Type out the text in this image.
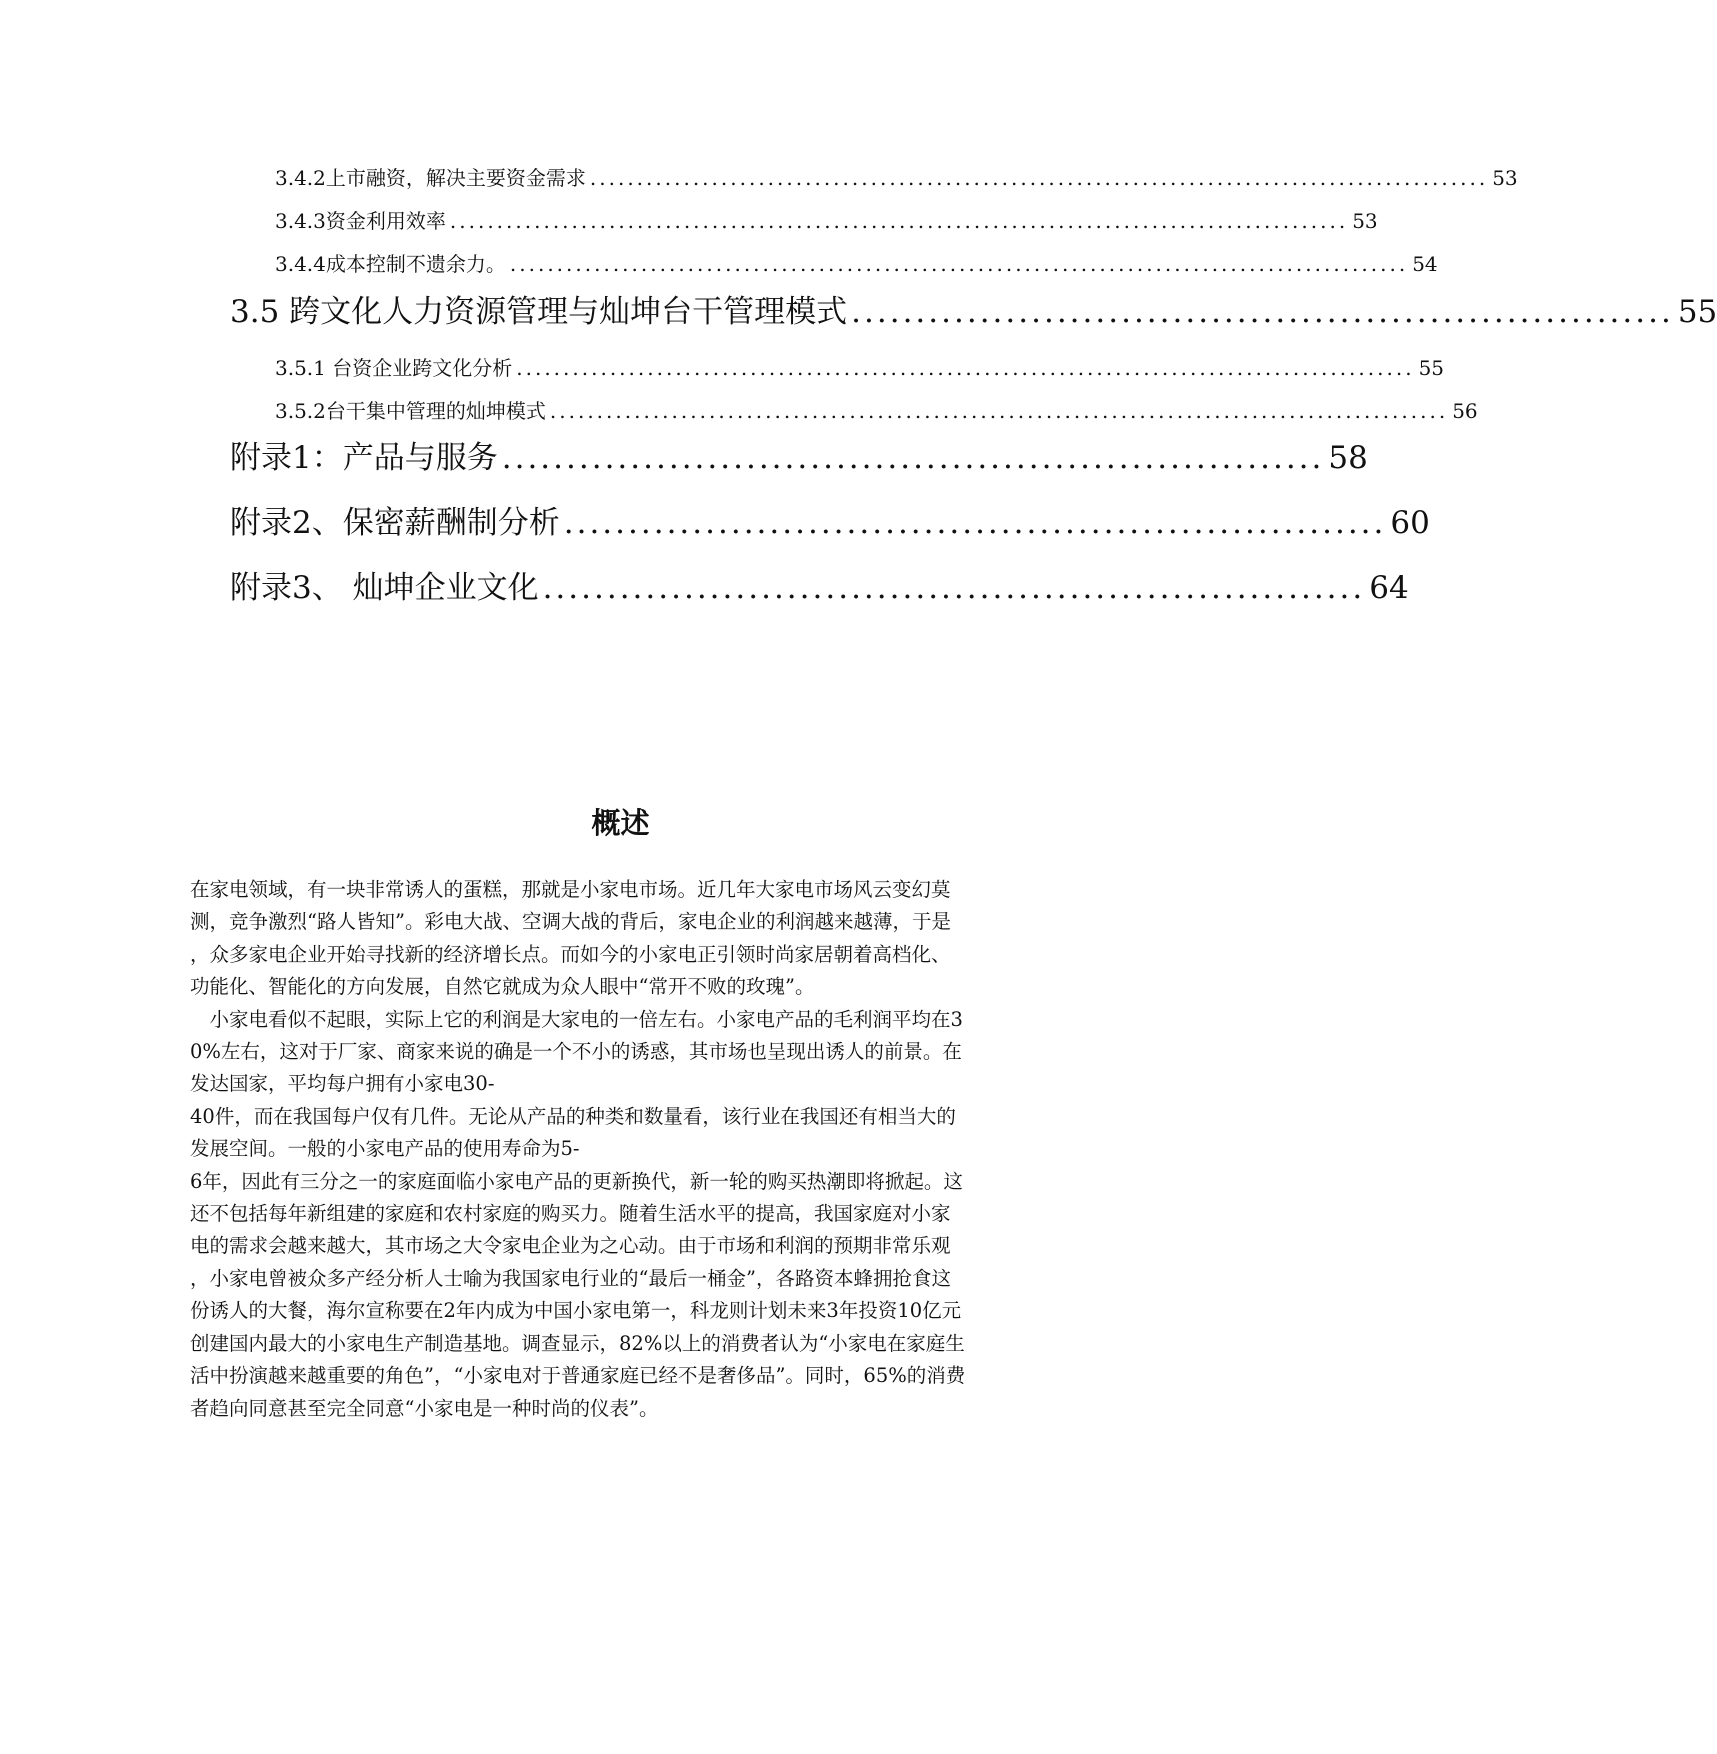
3.4.2上市融资，解决主要资金需求 ................................................................................................ 53
3.4.3资金利用效率 ................................................................................................ 53
3.4.4成本控制不遗余力。 ................................................................................................ 54
3.5 跨文化人力资源管理与灿坤台干管理模式 ................................................................ 55
3.5.1 台资企业跨文化分析 ................................................................................................ 55
3.5.2台干集中管理的灿坤模式 ................................................................................................ 56
附录1：产品与服务 ................................................................ 58
附录2、保密薪酬制分析 ................................................................ 60
附录3、 灿坤企业文化 ................................................................ 64
概述

在家电领域，有一块非常诱人的蛋糕，那就是小家电市场。近几年大家电市场风云变幻莫

测，竞争激烈“路人皆知”。彩电大战、空调大战的背后，家电企业的利润越来越薄，于是

，众多家电企业开始寻找新的经济增长点。而如今的小家电正引领时尚家居朝着高档化、

功能化、智能化的方向发展，自然它就成为众人眼中“常开不败的玫瑰”。

　小家电看似不起眼，实际上它的利润是大家电的一倍左右。小家电产品的毛利润平均在3

0%左右，这对于厂家、商家来说的确是一个不小的诱惑，其市场也呈现出诱人的前景。在

发达国家，平均每户拥有小家电30-

40件，而在我国每户仅有几件。无论从产品的种类和数量看，该行业在我国还有相当大的

发展空间。一般的小家电产品的使用寿命为5-

6年，因此有三分之一的家庭面临小家电产品的更新换代，新一轮的购买热潮即将掀起。这

还不包括每年新组建的家庭和农村家庭的购买力。随着生活水平的提高，我国家庭对小家

电的需求会越来越大，其市场之大令家电企业为之心动。由于市场和利润的预期非常乐观

，小家电曾被众多产经分析人士喻为我国家电行业的“最后一桶金”，各路资本蜂拥抢食这

份诱人的大餐，海尔宣称要在2年内成为中国小家电第一，科龙则计划未来3年投资10亿元

创建国内最大的小家电生产制造基地。调查显示，82%以上的消费者认为“小家电在家庭生

活中扮演越来越重要的角色”，“小家电对于普通家庭已经不是奢侈品”。同时，65%的消费

者趋向同意甚至完全同意“小家电是一种时尚的仪表”。
